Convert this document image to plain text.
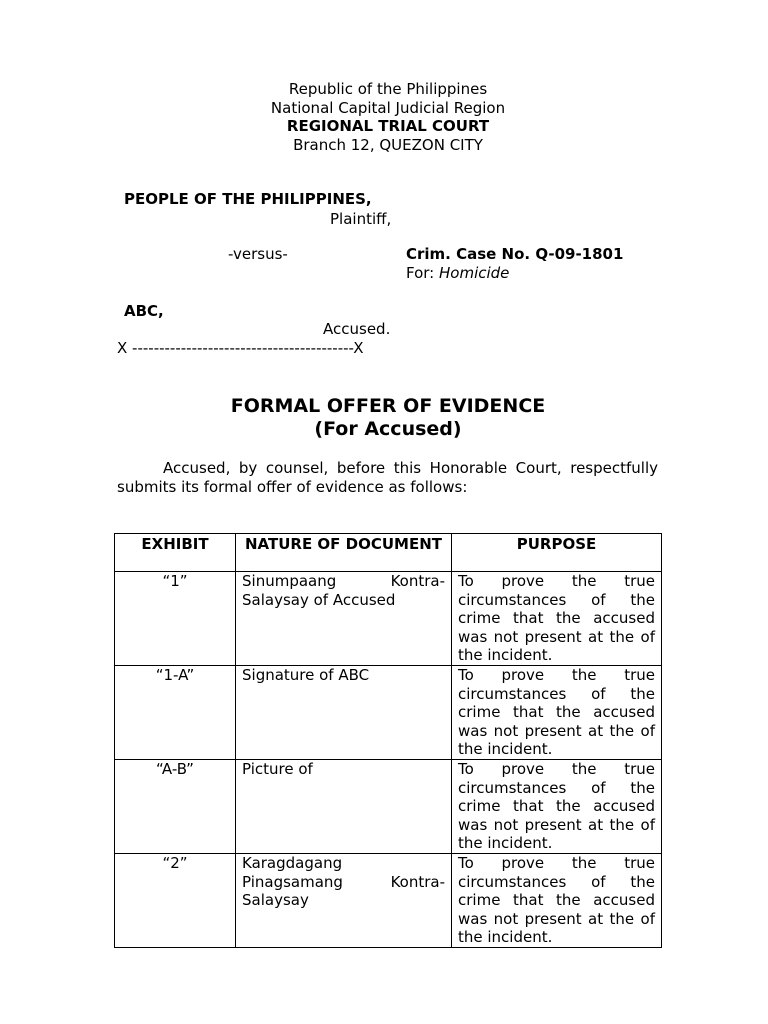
Republic of the Philippines
National Capital Judicial Region
REGIONAL TRIAL COURT
Branch 12, QUEZON CITY
PEOPLE OF THE PHILIPPINES,
Plaintiff,
-versus-	Crim. Case No. Q-09-1801
For: Homicide
ABC,
Accused.
X -----------------------------------------X
FORMAL OFFER OF EVIDENCE
(For Accused)
Accused, by counsel, before this Honorable Court, respectfully submits its formal offer of evidence as follows:
EXHIBIT	NATURE OF DOCUMENT	PURPOSE
“1”	Sinumpaang Kontra-Salaysay of Accused	To prove the true circumstances of the crime that the accused was not present at the of the incident.
“1-A”	Signature of ABC	To prove the true circumstances of the crime that the accused was not present at the of the incident.
“A-B”	Picture of	To prove the true circumstances of the crime that the accused was not present at the of the incident.
“2”	Karagdagang Pinagsamang Kontra-Salaysay	To prove the true circumstances of the crime that the accused was not present at the of the incident.
